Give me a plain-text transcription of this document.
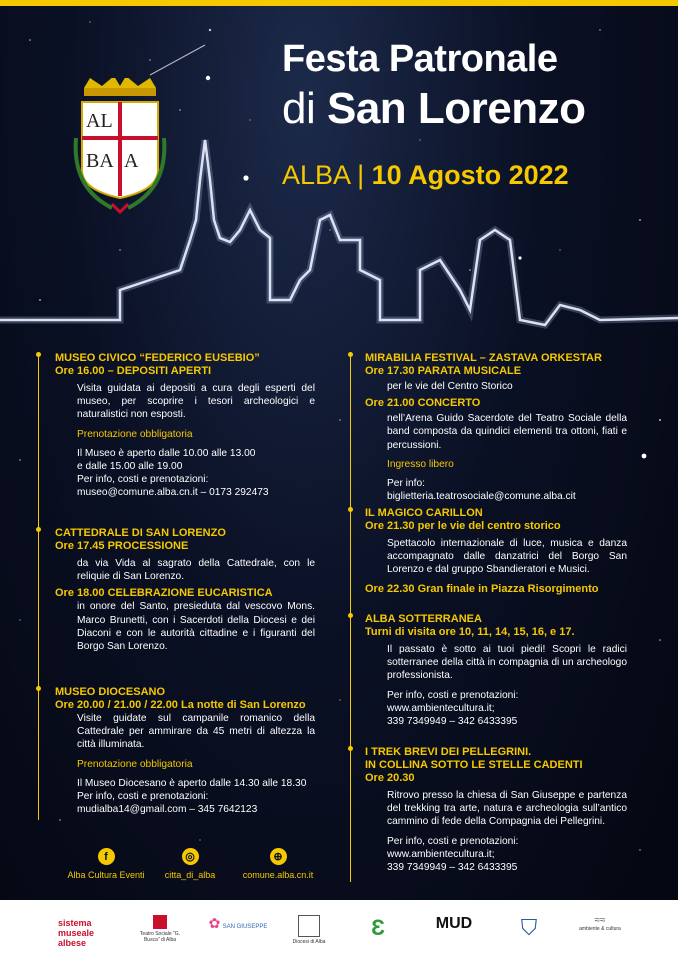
AL
BA A
Festa Patronale
di San Lorenzo
ALBA | 10 Agosto 2022
MUSEO CIVICO “FEDERICO EUSEBIO”
Ore 16.00 – DEPOSITI APERTI
Visita guidata ai depositi a cura degli esperti del museo, per scoprire i tesori archeologici e naturalistici non esposti.
Prenotazione obbligatoria
Il Museo è aperto dalle 10.00 alle 13.00
e dalle 15.00 alle 19.00
Per info, costi e prenotazioni:
museo@comune.alba.cn.it – 0173 292473
CATTEDRALE DI SAN LORENZO
Ore 17.45 PROCESSIONE
da via Vida al sagrato della Cattedrale, con le reliquie di San Lorenzo.
Ore 18.00 CELEBRAZIONE EUCARISTICA
in onore del Santo, presieduta dal vescovo Mons. Marco Brunetti, con i Sacerdoti della Diocesi e dei Diaconi e con le autorità cittadine e i figuranti del Borgo San Lorenzo.
MUSEO DIOCESANO
Ore 20.00 / 21.00 / 22.00 La notte di San Lorenzo
Visite guidate sul campanile romanico della Cattedrale per ammirare da 45 metri di altezza la città illuminata.
Prenotazione obbligatoria
Il Museo Diocesano è aperto dalle 14.30 alle 18.30
Per info, costi e prenotazioni:
mudialba14@gmail.com – 345 7642123
MIRABILIA FESTIVAL – ZASTAVA ORKESTAR
Ore 17.30 PARATA MUSICALE
per le vie del Centro Storico
Ore 21.00 CONCERTO
nell’Arena Guido Sacerdote del Teatro Sociale della band composta da quindici elementi tra ottoni, fiati e percussioni.
Ingresso libero
Per info:
biglietteria.teatrosociale@comune.alba.cit
IL MAGICO CARILLON
Ore 21.30 per le vie del centro storico
Spettacolo internazionale di luce, musica e danza accompagnato dalle danzatrici del Borgo San Lorenzo e dal gruppo Sbandieratori e Musici.
Ore 22.30 Gran finale in Piazza Risorgimento
ALBA SOTTERRANEA
Turni di visita ore 10, 11, 14, 15, 16, e 17.
Il passato è sotto ai tuoi piedi! Scopri le radici sotterranee della città in compagnia di un archeologo professionista.
Per info, costi e prenotazioni:
www.ambientecultura.it;
339 7349949 – 342 6433395
I TREK BREVI DEI PELLEGRINI.
IN COLLINA SOTTO LE STELLE CADENTI
Ore 20.30
Ritrovo presso la chiesa di San Giuseppe e partenza del trekking tra arte, natura e archeologia sull’antico cammino di fede della Compagnia dei Pellegrini.
Per info, costi e prenotazioni:
www.ambientecultura.it;
339 7349949 – 342 6433395
f
Alba Cultura Eventi
◎
citta_di_alba
⊕
comune.alba.cn.it
sistema museale albese
Teatro Sociale "G. Busca" di Alba
✿ SAN GIUSEPPE
Diocesi di Alba
Ɛ	MUD	⛉	≈≈
ambiente & cultura
